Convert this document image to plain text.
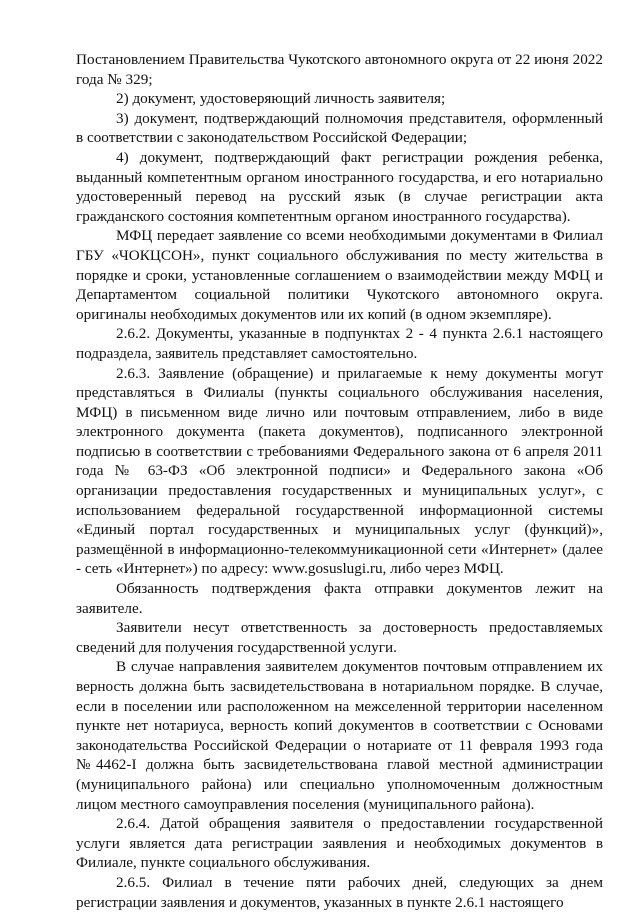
Постановлением Правительства Чукотского автономного округа от 22 июня 2022 года № 329;

2) документ, удостоверяющий личность заявителя;

3) документ, подтверждающий полномочия представителя, оформленный в соответствии с законодательством Российской Федерации;

4) документ, подтверждающий факт регистрации рождения ребенка, выданный компетентным органом иностранного государства, и его нотариально удостоверенный перевод на русский язык (в случае регистрации акта гражданского состояния компетентным органом иностранного государства).

МФЦ передает заявление со всеми необходимыми документами в Филиал ГБУ «ЧОКЦСОН», пункт социального обслуживания по месту жительства в порядке и сроки, установленные соглашением о взаимодействии между МФЦ и Департаментом социальной политики Чукотского автономного округа. оригиналы необходимых документов или их копий (в одном экземпляре).

2.6.2. Документы, указанные в подпунктах 2 - 4 пункта 2.6.1 настоящего подраздела, заявитель представляет самостоятельно.

2.6.3. Заявление (обращение) и прилагаемые к нему документы могут представляться в Филиалы (пункты социального обслуживания населения, МФЦ) в письменном виде лично или почтовым отправлением, либо в виде электронного документа (пакета документов), подписанного электронной подписью в соответствии с требованиями Федерального закона от 6 апреля 2011 года № 63-ФЗ «Об электронной подписи» и Федерального закона «Об организации предоставления государственных и муниципальных услуг», с использованием федеральной государственной информационной системы «Единый портал государственных и муниципальных услуг (функций)», размещённой в информационно-телекоммуникационной сети «Интернет» (далее - сеть «Интернет») по адресу: www.gosuslugi.ru, либо через МФЦ.

Обязанность подтверждения факта отправки документов лежит на заявителе.

Заявители несут ответственность за достоверность предоставляемых сведений для получения государственной услуги.

В случае направления заявителем документов почтовым отправлением их верность должна быть засвидетельствована в нотариальном порядке. В случае, если в поселении или расположенном на межселенной территории населенном пункте нет нотариуса, верность копий документов в соответствии с Основами законодательства Российской Федерации о нотариате от 11 февраля 1993 года №4462-I должна быть засвидетельствована главой местной администрации (муниципального района) или специально уполномоченным должностным лицом местного самоуправления поселения (муниципального района).

2.6.4. Датой обращения заявителя о предоставлении государственной услуги является дата регистрации заявления и необходимых документов в Филиале, пункте социального обслуживания.

2.6.5. Филиал в течение пяти рабочих дней, следующих за днем регистрации заявления и документов, указанных в пункте 2.6.1 настоящего
